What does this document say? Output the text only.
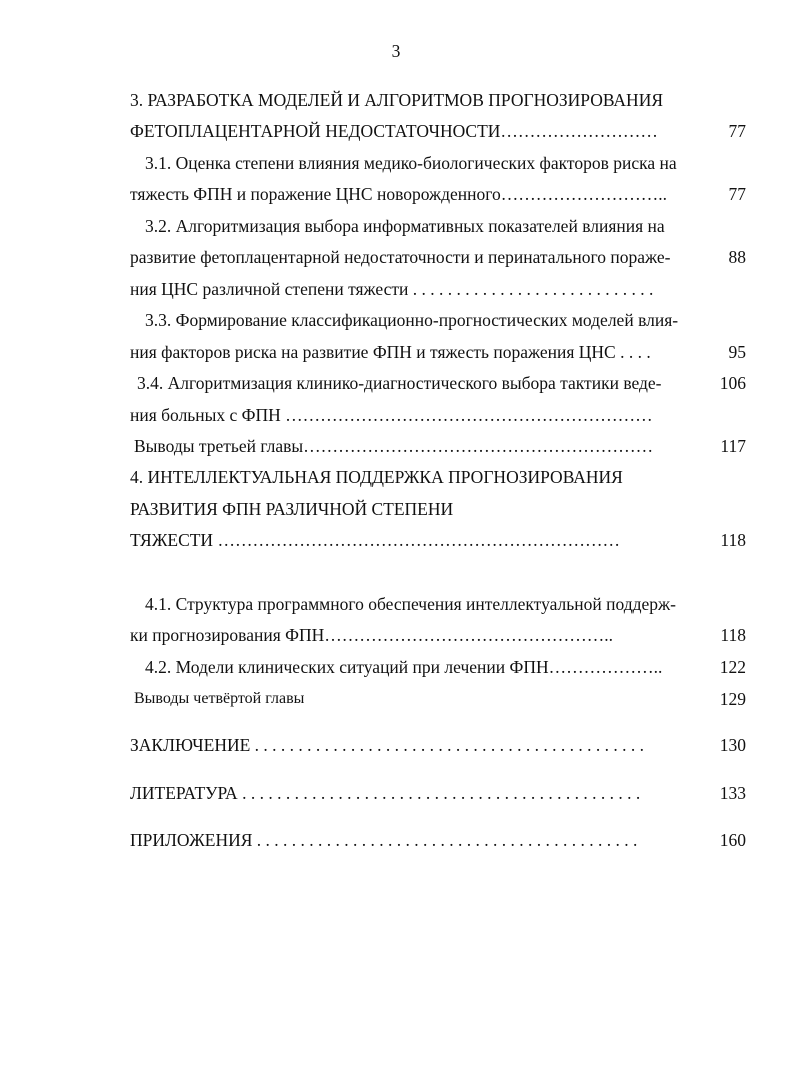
3
3. РАЗРАБОТКА МОДЕЛЕЙ И АЛГОРИТМОВ ПРОГНОЗИРОВАНИЯ
ФЕТОПЛАЦЕНТАРНОЙ НЕДОСТАТОЧНОСТИ………………………	77
3.1. Оценка степени влияния медико-биологических факторов риска на
тяжесть ФПН и поражение ЦНС новорожденного………………………..	77
3.2. Алгоритмизация выбора информативных показателей влияния на
развитие фетоплацентарной недостаточности и перинатального пораже-	88
ния ЦНС различной степени тяжести . . . . . . . . . . . . . . . . . . . . . . . . . . . .
3.3. Формирование классификационно-прогностических моделей влия-
ния факторов риска на развитие ФПН и тяжесть поражения ЦНС . . . .	95
3.4. Алгоритмизация клинико-диагностического выбора тактики веде-	106
ния больных с ФПН ………………………………………………………
Выводы третьей главы……………………………………………………	117
4. ИНТЕЛЛЕКТУАЛЬНАЯ ПОДДЕРЖКА ПРОГНОЗИРОВАНИЯ
РАЗВИТИЯ ФПН РАЗЛИЧНОЙ СТЕПЕНИ
ТЯЖЕСТИ ……………………………………………………………	118
4.1. Структура программного обеспечения интеллектуальной поддерж-
ки прогнозирования ФПН…………………………………………..	118
4.2. Модели клинических ситуаций при лечении ФПН………………..	122
Выводы четвёртой главы	129
ЗАКЛЮЧЕНИЕ . . . . . . . . . . . . . . . . . . . . . . . . . . . . . . . . . . . . . . . . . . . . .	130
ЛИТЕРАТУРА . . . . . . . . . . . . . . . . . . . . . . . . . . . . . . . . . . . . . . . . . . . . . .	133
ПРИЛОЖЕНИЯ . . . . . . . . . . . . . . . . . . . . . . . . . . . . . . . . . . . . . . . . . . . .	160
